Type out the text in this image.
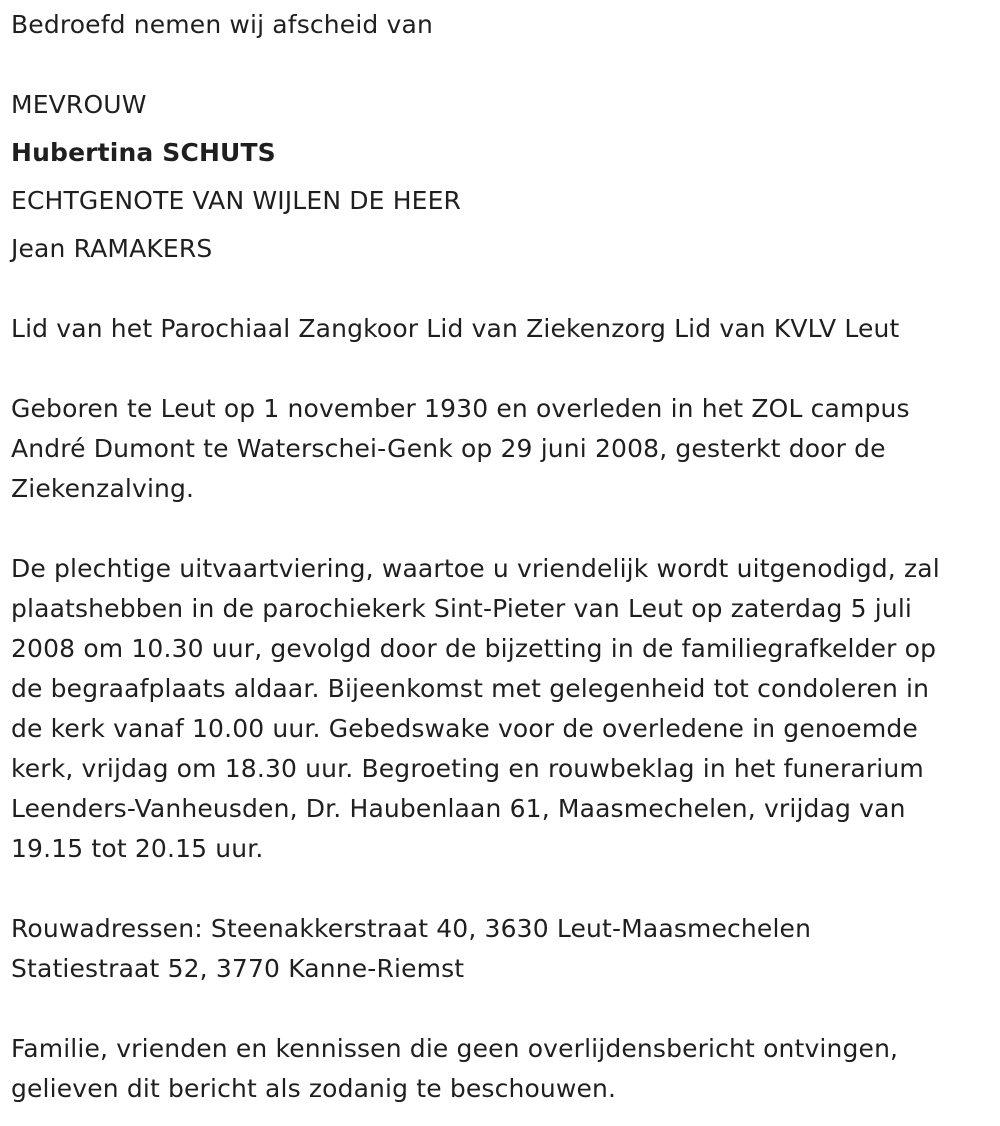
Bedroefd nemen wij afscheid van
MEVROUW
Hubertina SCHUTS
ECHTGENOTE VAN WIJLEN DE HEER
Jean RAMAKERS
Lid van het Parochiaal Zangkoor Lid van Ziekenzorg Lid van KVLV Leut
Geboren te Leut op 1 november 1930 en overleden in het ZOL campus
André Dumont te Waterschei-Genk op 29 juni 2008, gesterkt door de
Ziekenzalving.
De plechtige uitvaartviering, waartoe u vriendelijk wordt uitgenodigd, zal
plaatshebben in de parochiekerk Sint-Pieter van Leut op zaterdag 5 juli
2008 om 10.30 uur, gevolgd door de bijzetting in de familiegrafkelder op
de begraafplaats aldaar. Bijeenkomst met gelegenheid tot condoleren in
de kerk vanaf 10.00 uur. Gebedswake voor de overledene in genoemde
kerk, vrijdag om 18.30 uur. Begroeting en rouwbeklag in het funerarium
Leenders-Vanheusden, Dr. Haubenlaan 61, Maasmechelen, vrijdag van
19.15 tot 20.15 uur.
Rouwadressen: Steenakkerstraat 40, 3630 Leut-Maasmechelen
Statiestraat 52, 3770 Kanne-Riemst
Familie, vrienden en kennissen die geen overlijdensbericht ontvingen,
gelieven dit bericht als zodanig te beschouwen.
